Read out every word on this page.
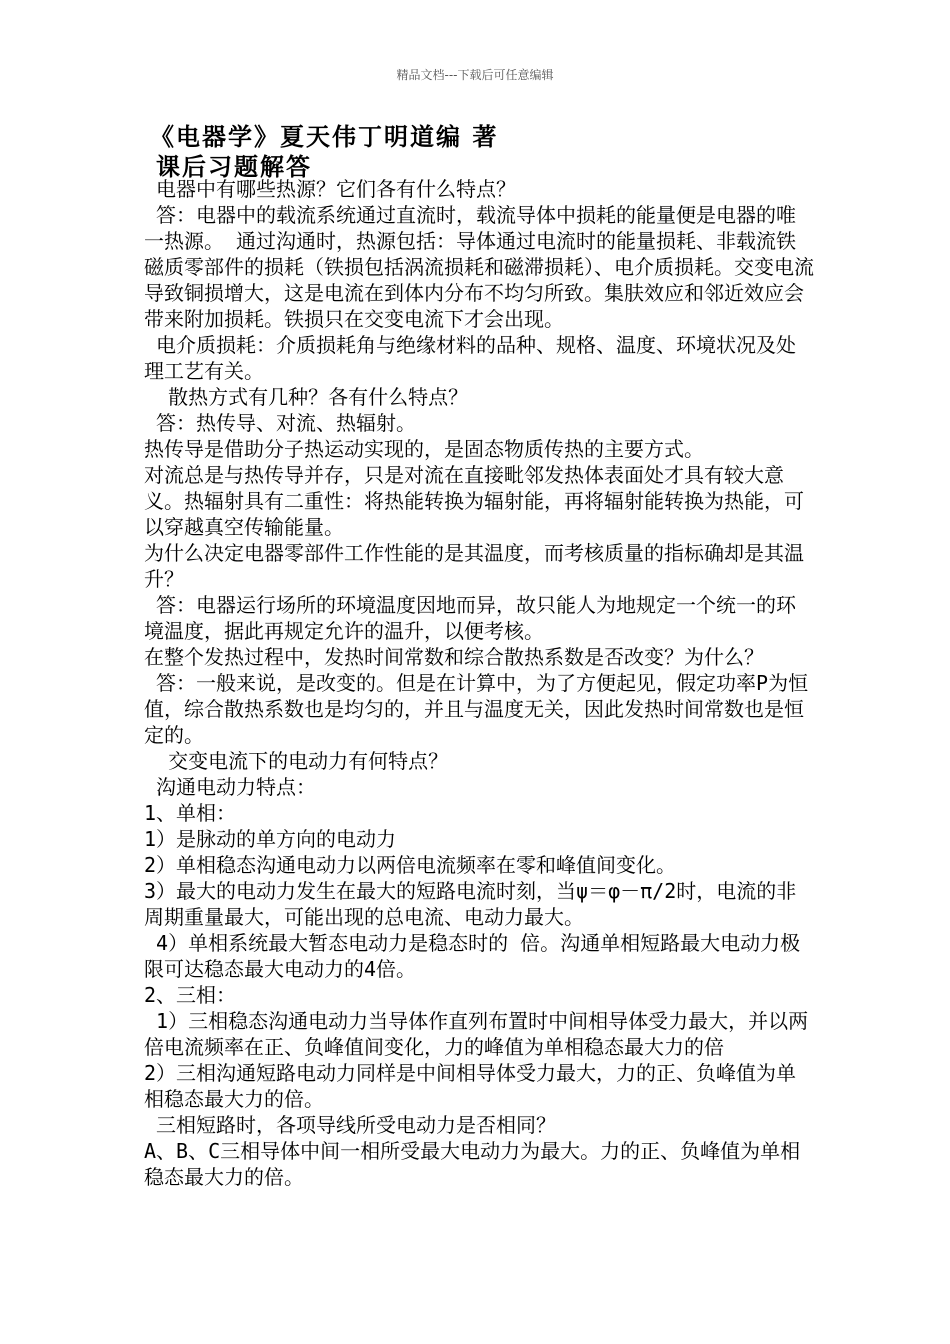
精品文档---下载后可任意编辑

《电器学》夏天伟丁明道编 著

课后习题解答

电器中有哪些热源？它们各有什么特点？

答：电器中的载流系统通过直流时，载流导体中损耗的能量便是电器的唯一热源。 通过沟通时，热源包括：导体通过电流时的能量损耗、非载流铁磁质零部件的损耗（铁损包括涡流损耗和磁滞损耗）、电介质损耗。交变电流导致铜损增大，这是电流在到体内分布不均匀所致。集肤效应和邻近效应会带来附加损耗。铁损只在交变电流下才会出现。

电介质损耗：介质损耗角与绝缘材料的品种、规格、温度、环境状况及处理工艺有关。

散热方式有几种？各有什么特点？

答：热传导、对流、热辐射。

热传导是借助分子热运动实现的，是固态物质传热的主要方式。

对流总是与热传导并存，只是对流在直接毗邻发热体表面处才具有较大意义。热辐射具有二重性：将热能转换为辐射能，再将辐射能转换为热能，可以穿越真空传输能量。

为什么决定电器零部件工作性能的是其温度，而考核质量的指标确却是其温升？

答：电器运行场所的环境温度因地而异，故只能人为地规定一个统一的环境温度，据此再规定允许的温升，以便考核。

在整个发热过程中，发热时间常数和综合散热系数是否改变？为什么？

答：一般来说，是改变的。但是在计算中，为了方便起见，假定功率P为恒值，综合散热系数也是均匀的，并且与温度无关，因此发热时间常数也是恒定的。

交变电流下的电动力有何特点？

沟通电动力特点：

1、单相：

1）是脉动的单方向的电动力

2）单相稳态沟通电动力以两倍电流频率在零和峰值间变化。

3）最大的电动力发生在最大的短路电流时刻，当ψ＝φ－π/2时，电流的非周期重量最大，可能出现的总电流、电动力最大。

4）单相系统最大暂态电动力是稳态时的 倍。沟通单相短路最大电动力极限可达稳态最大电动力的4倍。

2、三相：

1）三相稳态沟通电动力当导体作直列布置时中间相导体受力最大，并以两倍电流频率在正、负峰值间变化，力的峰值为单相稳态最大力的倍

2）三相沟通短路电动力同样是中间相导体受力最大，力的正、负峰值为单相稳态最大力的倍。

三相短路时，各项导线所受电动力是否相同？

A、B、C三相导体中间一相所受最大电动力为最大。力的正、负峰值为单相稳态最大力的倍。
